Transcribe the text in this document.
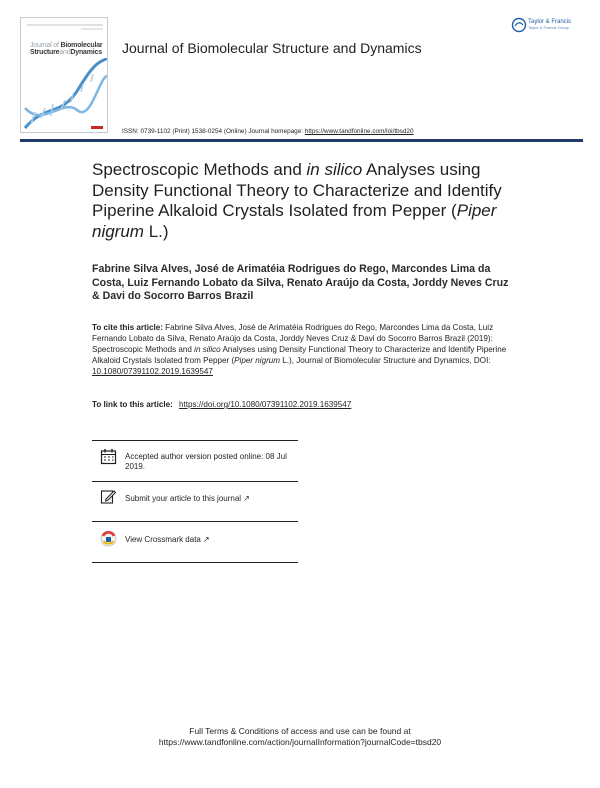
Journal of Biomolecular
StructureandDynamics Journal of Biomolecular Structure and Dynamics
ISSN: 0739-1102 (Print) 1538-0254 (Online) Journal homepage: https://www.tandfonline.com/loi/tbsd20
Taylor & Francis
Taylor & Francis Group
Spectroscopic Methods and in silico Analyses using Density Functional Theory to Characterize and Identify Piperine Alkaloid Crystals Isolated from Pepper (Piper nigrum L.)
Fabrine Silva Alves, José de Arimatéia Rodrigues do Rego, Marcondes Lima da Costa, Luiz Fernando Lobato da Silva, Renato Araújo da Costa, Jorddy Neves Cruz & Davi do Socorro Barros Brazil
To cite this article: Fabrine Silva Alves, José de Arimatéia Rodrigues do Rego, Marcondes Lima da Costa, Luiz Fernando Lobato da Silva, Renato Araújo da Costa, Jorddy Neves Cruz & Davi do Socorro Barros Brazil (2019): Spectroscopic Methods and in silico Analyses using Density Functional Theory to Characterize and Identify Piperine Alkaloid Crystals Isolated from Pepper (Piper nigrum L.), Journal of Biomolecular Structure and Dynamics, DOI: 10.1080/07391102.2019.1639547
To link to this article: https://doi.org/10.1080/07391102.2019.1639547
Accepted author version posted online: 08 Jul 2019.
Submit your article to this journal ↗
View Crossmark data ↗
Full Terms & Conditions of access and use can be found at
https://www.tandfonline.com/action/journalInformation?journalCode=tbsd20
